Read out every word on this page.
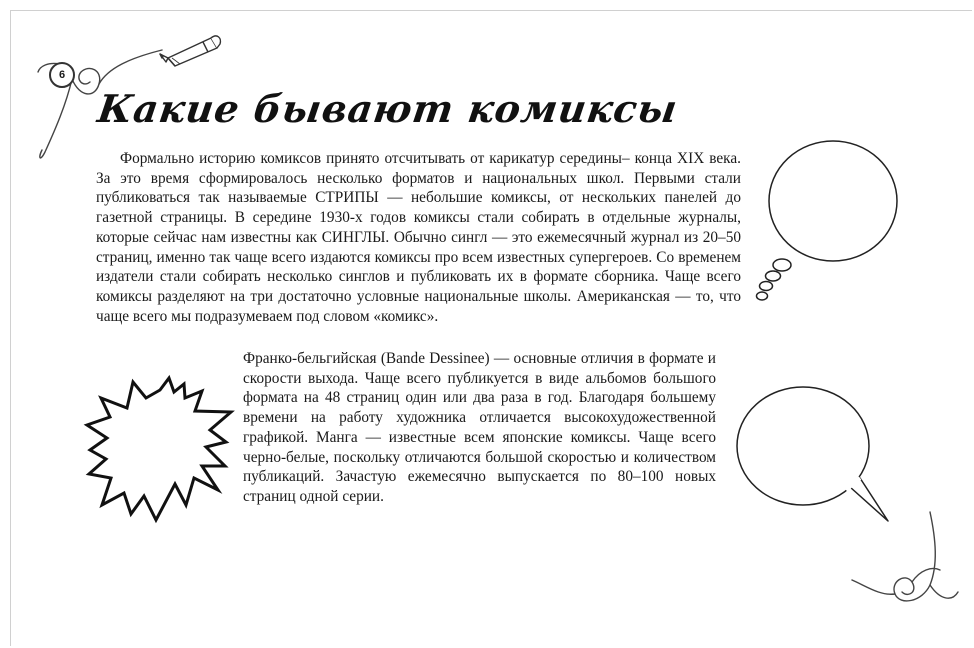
6
Какие бывают комиксы

Формально историю комиксов принято отсчитывать от карикатур середины– конца XIX века. За это время сформировалось несколько форматов и национальных школ. Первыми стали публиковаться так называемые СТРИПЫ — небольшие комиксы, от нескольких панелей до газетной страницы. В середине 1930-х годов комиксы стали собирать в отдельные журналы, которые сейчас нам известны как СИНГЛЫ. Обычно сингл — это ежемесячный журнал из 20–50 страниц, именно так чаще всего издаются комиксы про всем известных супергероев. Со временем издатели стали собирать несколько синглов и публиковать их в формате сборника. Чаще всего комиксы разделяют на три достаточно условные национальные школы. Американская — то, что чаще всего мы подразумеваем под словом «комикс».

Франко-бельгийская (Bande Dessinee) — основные отличия в формате и скорости выхода. Чаще всего публикуется в виде альбомов большого формата на 48 страниц один или два раза в год. Благодаря большему времени на работу художника отличается высокохудожественной графикой. Манга — известные всем японские комиксы. Чаще всего черно-белые, поскольку отличаются большой скоростью и количеством публикаций. Зачастую ежемесячно выпускается по 80–100 новых страниц одной серии.
